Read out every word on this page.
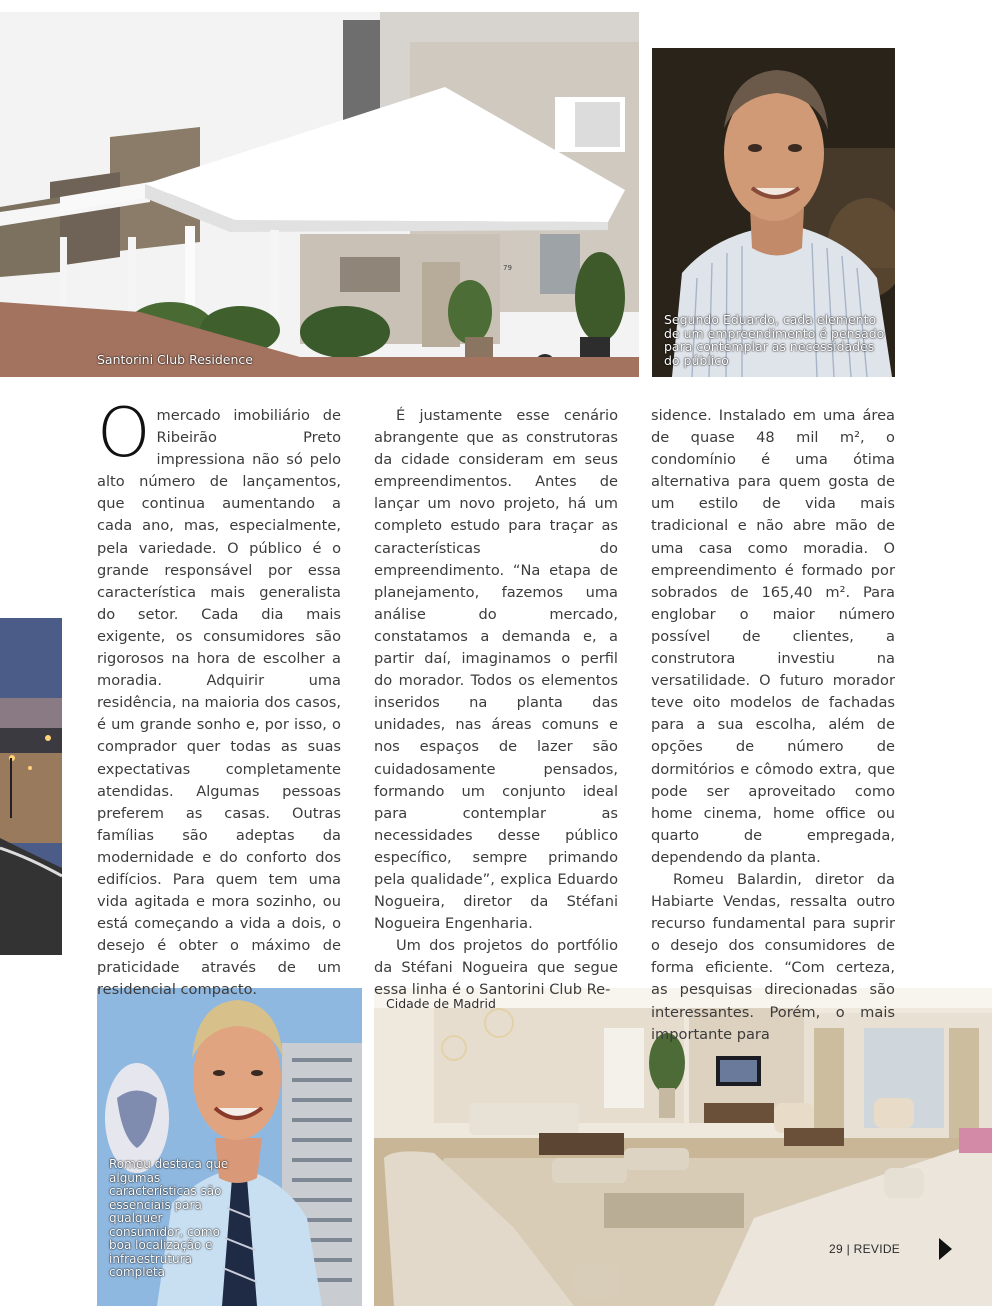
79
Santorini Club Residence
Segundo Eduardo, cada elemento de um empreendimento é pensado para contemplar as necessidades do público
Romeu destaca que algumas características são essenciais para qualquer consumidor, como boa localização e infraestrutura completa
Cidade de Madrid

Omercado imobiliário de Ribeirão Preto impressiona não só pelo alto número de lançamentos, que continua aumentando a cada ano, mas, especialmente, pela variedade. O público é o grande responsável por essa característica mais generalista do setor. Cada dia mais exigente, os consumidores são rigorosos na hora de escolher a moradia. Adquirir uma residência, na maioria dos casos, é um grande sonho e, por isso, o comprador quer todas as suas expectativas completamente atendidas. Algumas pessoas preferem as casas. Outras famílias são adeptas da modernidade e do conforto dos edifícios. Para quem tem uma vida agitada e mora sozinho, ou está começando a vida a dois, o desejo é obter o máximo de praticidade através de um residencial compacto.

É justamente esse cenário abrangente que as construtoras da cidade consideram em seus empreendimentos. Antes de lançar um novo projeto, há um completo estudo para traçar as características do empreendimento. “Na etapa de planejamento, fazemos uma análise do mercado, constatamos a demanda e, a partir daí, imaginamos o perfil do morador. Todos os elementos inseridos na planta das unidades, nas áreas comuns e nos espaços de lazer são cuidadosamente pensados, formando um conjunto ideal para contemplar as necessidades desse público específico, sempre primando pela qualidade”, explica Eduardo Nogueira, diretor da Stéfani Nogueira Engenharia.

Um dos projetos do portfólio da Stéfani Nogueira que segue essa linha é o Santorini Club Re-

sidence. Instalado em uma área de quase 48 mil m², o condomínio é uma ótima alternativa para quem gosta de um estilo de vida mais tradicional e não abre mão de uma casa como moradia. O empreendimento é formado por sobrados de 165,40 m². Para englobar o maior número possível de clientes, a construtora investiu na versatilidade. O futuro morador teve oito modelos de fachadas para a sua escolha, além de opções de número de dormitórios e cômodo extra, que pode ser aproveitado como home cinema, home office ou quarto de empregada, dependendo da planta.

Romeu Balardin, diretor da Habiarte Vendas, ressalta outro recurso fundamental para suprir o desejo dos consumidores de forma eficiente. “Com certeza, as pesquisas direcionadas são interessantes. Porém, o mais importante para

29 | REVIDE
